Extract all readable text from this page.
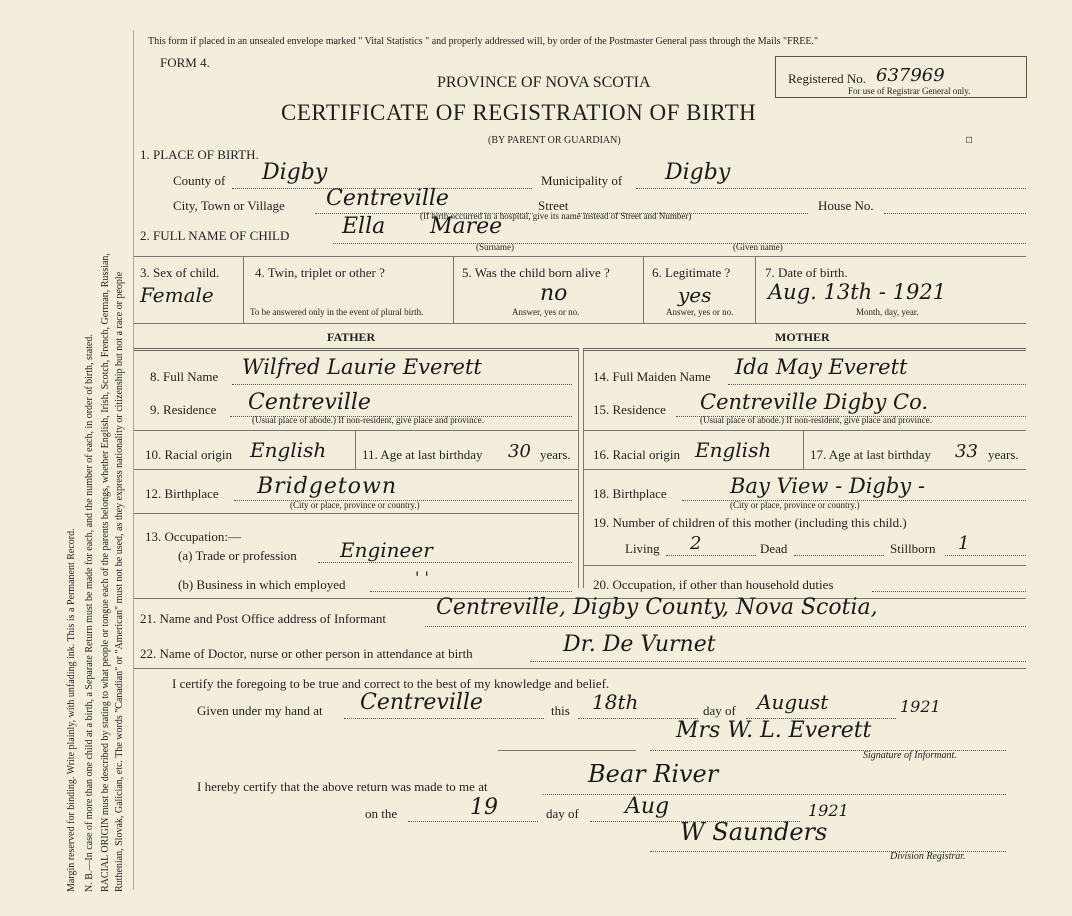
Margin reserved for binding. Write plainly, with unfading ink. This is a Permanent Record. N. B.—In case of more than one child at a birth, a Separate Return must be made for each, and the number of each, in order of birth, stated. RACIAL ORIGIN must be described by stating to what people or tongue each of the parents belongs, whether English, Irish, Scotch, French, German, Russian, Ruthenian, Slovak, Galician, etc. The words "Canadian" or "American" must not be used, as they express nationality or citizenship but not a race or people
This form if placed in an unsealed envelope marked " Vital Statistics " and properly addressed will, by order of the Postmaster General pass through the Mails "FREE."
FORM 4.
PROVINCE OF NOVA SCOTIA
CERTIFICATE OF REGISTRATION OF BIRTH
(BY PARENT OR GUARDIAN)
Registered No. 637969
For use of Registrar General only.
▫
1. PLACE OF BIRTH.
County of Digby	Municipality of Digby
City, Town or Village Centreville	Street	House No.
(If birth occurred in a hospital, give its name instead of Street and Number)
2. FULL NAME OF CHILD Ella Maree
(Surname)	(Given name)
3. Sex of child.
Female
4. Twin, triplet or other ?
To be answered only in the event of plural birth.
5. Was the child born alive ?
no
Answer, yes or no.
6. Legitimate ?
yes
Answer, yes or no.
7. Date of birth.
Aug. 13th - 1921
Month, day, year.
FATHER	MOTHER
8. Full Name Wilfred Laurie Everett
9. Residence Centreville
(Usual place of abode.) If non-resident, give place and province.
10. Racial origin English	11. Age at last birthday 30 years.
12. Birthplace Bridgetown
(City or place, province or country.)
13. Occupation:—
(a) Trade or profession Engineer
(b) Business in which employed	' '
14. Full Maiden Name Ida May Everett
15. Residence Centreville Digby Co.
(Usual place of abode.) If non-resident, give place and province.
16. Racial origin English	17. Age at last birthday 33 years.
18. Birthplace	Bay View - Digby -
(City or place, province or country.)
19. Number of children of this mother (including this child.)
Living 2	Dead	Stillborn 1
20. Occupation, if other than household duties
21. Name and Post Office address of Informant Centreville, Digby County, Nova Scotia,
22. Name of Doctor, nurse or other person in attendance at birth	Dr. De Vurnet
I certify the foregoing to be true and correct to the best of my knowledge and belief.
Given under my hand at Centreville	this 18th	day of August	1921
Mrs W. L. Everett
Signature of Informant.
I hereby certify that the above return was made to me at	Bear River
on the	19	day of Aug	1921
W Saunders
Division Registrar.
